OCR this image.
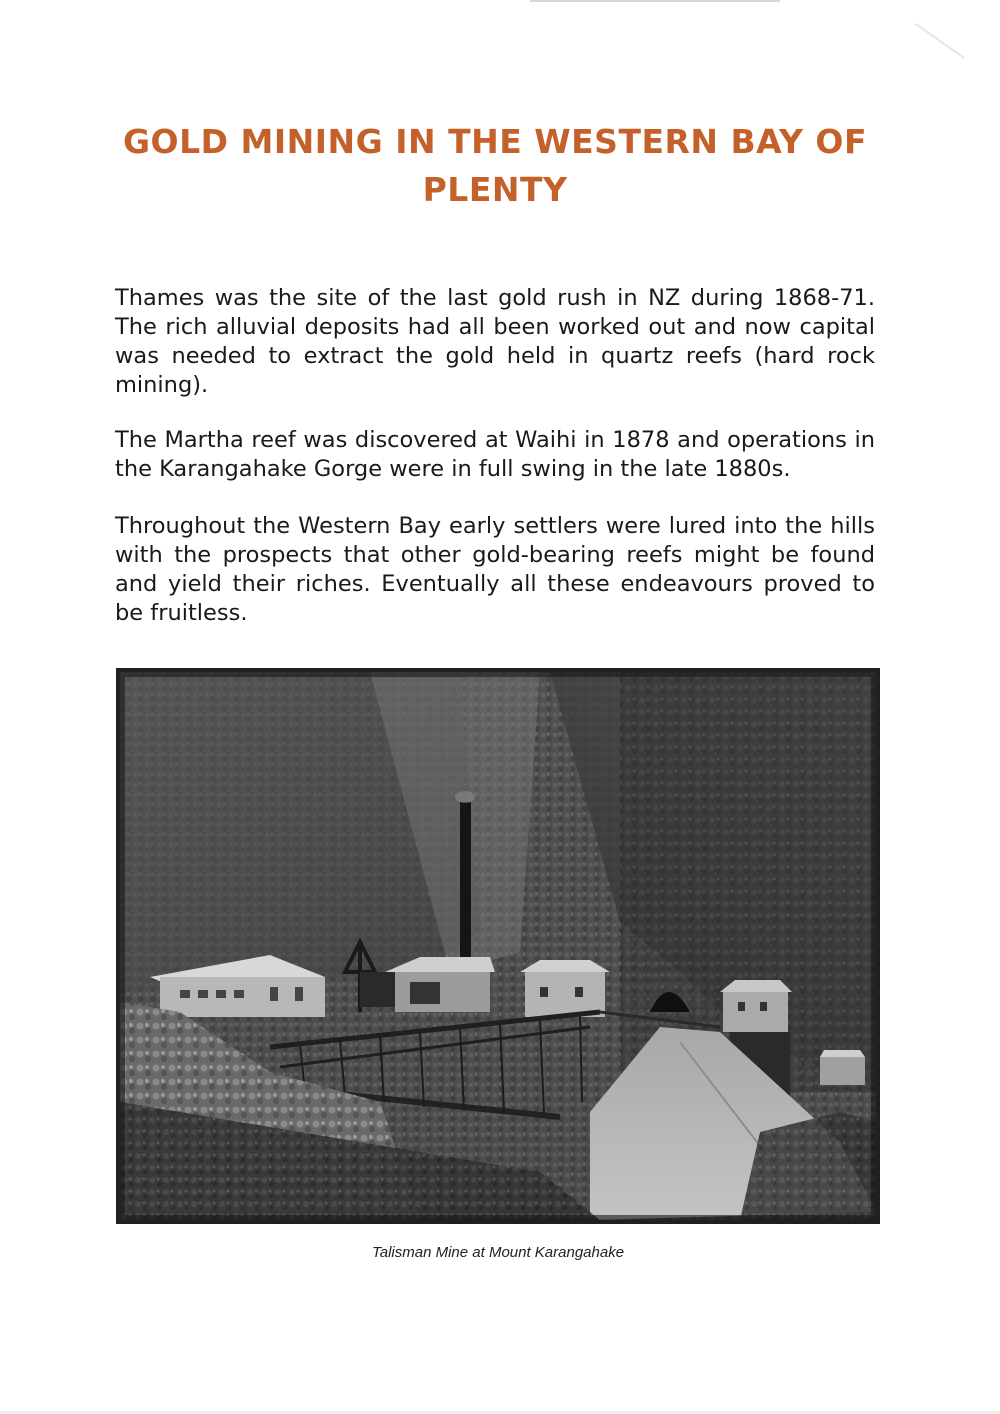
GOLD MINING IN THE WESTERN BAY OF PLENTY

Thames was the site of the last gold rush in NZ during 1868-71. The rich alluvial deposits had all been worked out and now capital was needed to extract the gold held in quartz reefs (hard rock mining).

The Martha reef was discovered at Waihi in 1878 and operations in the Karangahake Gorge were in full swing in the late 1880s.

Throughout the Western Bay early settlers were lured into the hills with the prospects that other gold-bearing reefs might be found and yield their riches. Eventually all these endeavours proved to be fruitless.

Talisman Mine at Mount Karangahake
